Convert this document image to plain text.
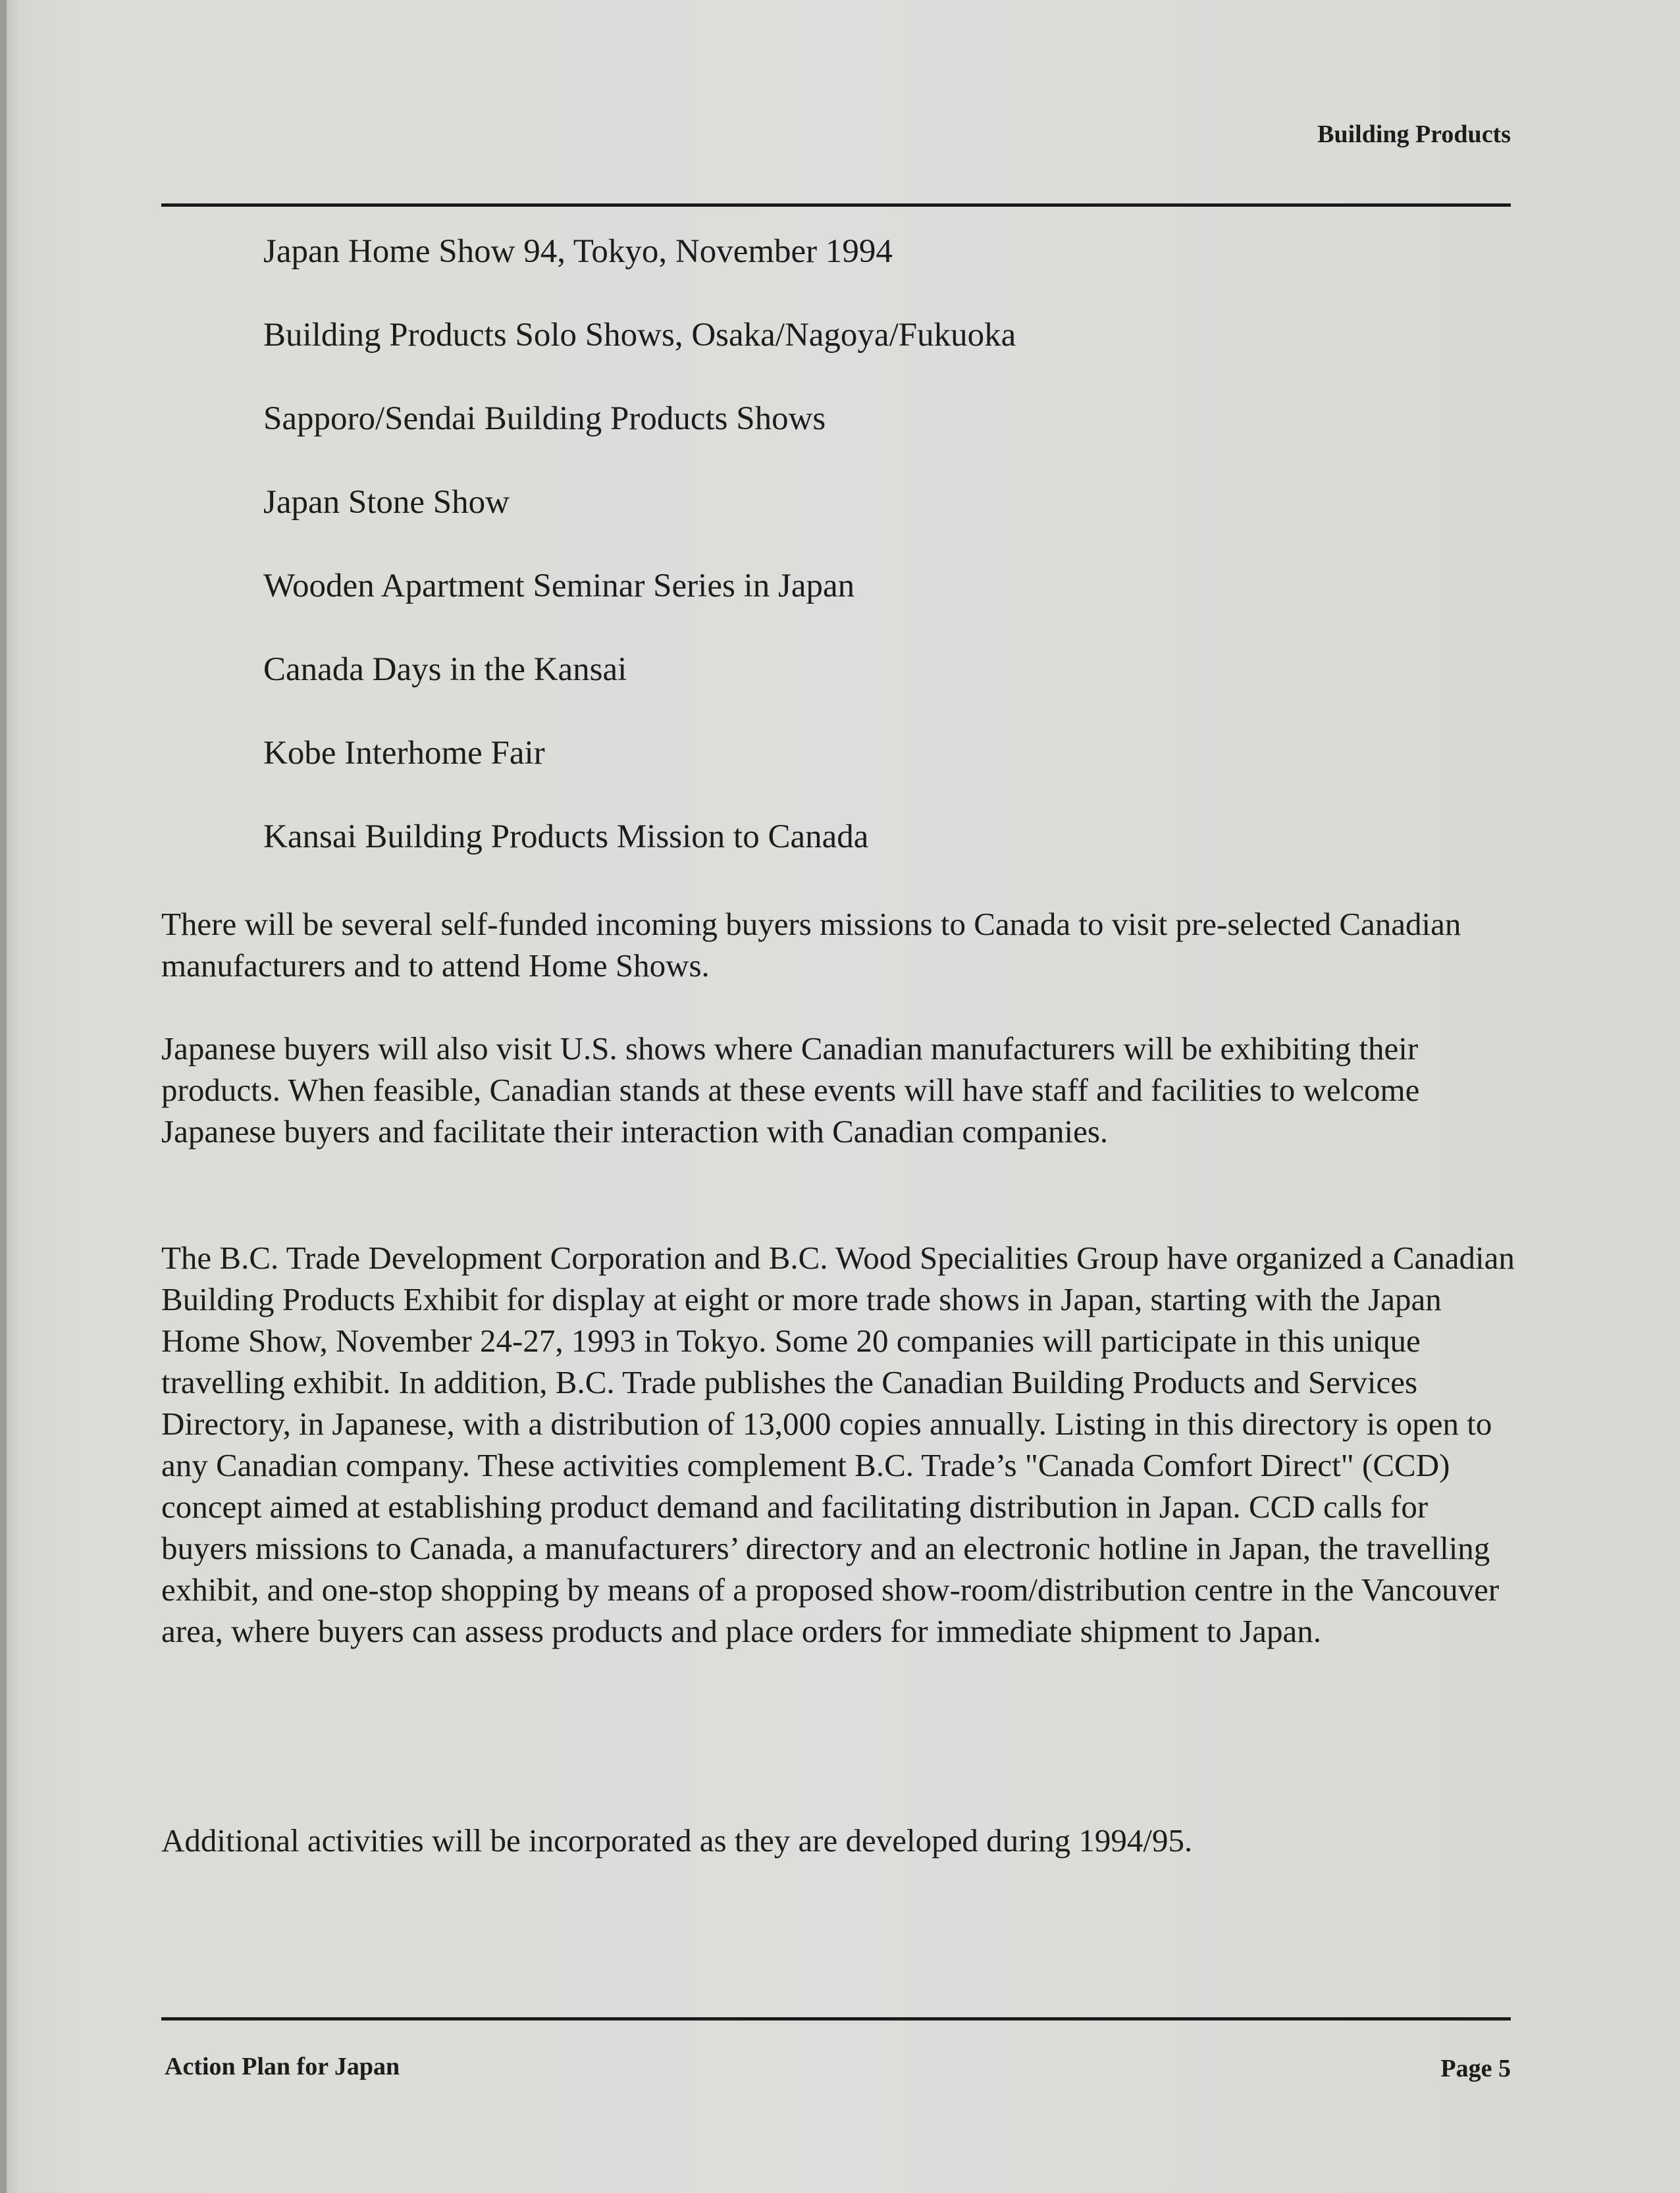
Building Products

Japan Home Show 94, Tokyo, November 1994
Building Products Solo Shows, Osaka/Nagoya/Fukuoka
Sapporo/Sendai Building Products Shows
Japan Stone Show
Wooden Apartment Seminar Series in Japan
Canada Days in the Kansai
Kobe Interhome Fair
Kansai Building Products Mission to Canada

There will be several self-funded incoming buyers missions to Canada to visit pre-selected Canadian manufacturers and to attend Home Shows.

Japanese buyers will also visit U.S. shows where Canadian manufacturers will be exhibiting their products. When feasible, Canadian stands at these events will have staff and facilities to welcome Japanese buyers and facilitate their interaction with Canadian companies.

The B.C. Trade Development Corporation and B.C. Wood Specialities Group have organized a Canadian Building Products Exhibit for display at eight or more trade shows in Japan, starting with the Japan Home Show, November 24-27, 1993 in Tokyo. Some 20 companies will participate in this unique travelling exhibit. In addition, B.C. Trade publishes the Canadian Building Products and Services Directory, in Japanese, with a distribution of 13,000 copies annually. Listing in this directory is open to any Canadian company. These activities complement B.C. Trade’s "Canada Comfort Direct" (CCD) concept aimed at establishing product demand and facilitating distribution in Japan. CCD calls for buyers missions to Canada, a manufacturers’ directory and an electronic hotline in Japan, the travelling exhibit, and one-stop shopping by means of a proposed show-room/distribution centre in the Vancouver area, where buyers can assess products and place orders for immediate shipment to Japan.

Additional activities will be incorporated as they are developed during 1994/95.

Action Plan for Japan	Page 5
